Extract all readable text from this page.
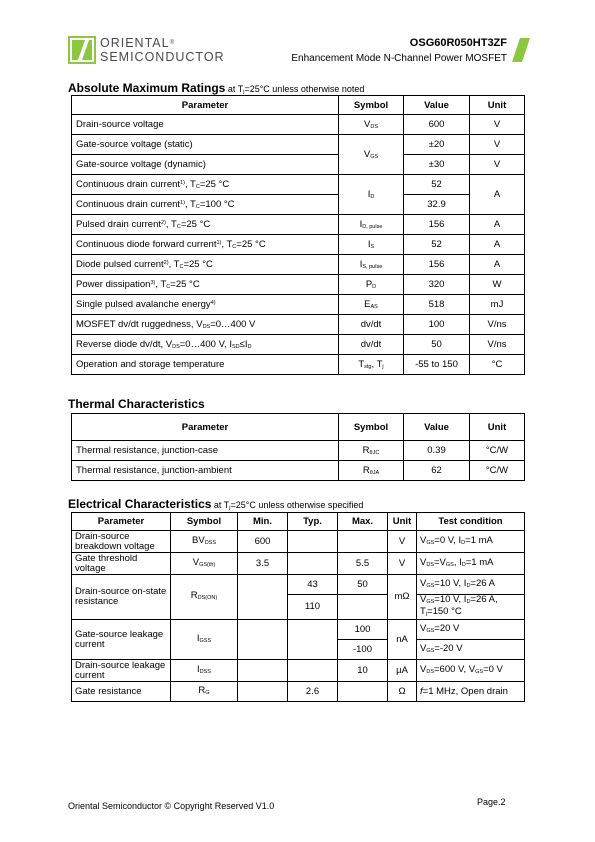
ORIENTAL®
SEMICONDUCTOR
OSG60R050HT3ZF
Enhancement Mode N-Channel Power MOSFET
Absolute Maximum Ratings at $T_j=25^\circ C$ unless otherwise noted
Parameter	Symbol	Value	Unit
Drain-source voltage	$V_{DS}$	600	V
Gate-source voltage (static)	$V_{GS}$	±20	V
Gate-source voltage (dynamic)		±30	V
Continuous drain current$^{1)}$, $T_C=25$ °C	$I_D$	52	A
Continuous drain current$^{1)}$, $T_C=100$ °C		32.9	
Pulsed drain current$^{2)}$, $T_C=25$ °C	$I_{D, pulse}$	156	A
Continuous diode forward current$^{1)}$, $T_C=25$ °C	$I_S$	52	A
Diode pulsed current$^{2)}$, $T_C=25$ °C	$I_{S, pulse}$	156	A
Power dissipation$^{3)}$, $T_C=25$ °C	$P_D$	320	W
Single pulsed avalanche energy$^{4)}$	$E_{AS}$	518	mJ
MOSFET dv/dt ruggedness, $V_{DS}=0\dots 400$ V	dv/dt	100	V/ns
Reverse diode dv/dt, $V_{DS}=0\dots 400$ V, $I_{SD}\le I_D$	dv/dt	50	V/ns
Operation and storage temperature	$T_{stg}$, $T_j$	-55 to 150	°C
Thermal Characteristics
Parameter	Symbol	Value	Unit
Thermal resistance, junction-case	$R_{\theta JC}$	0.39	°C/W
Thermal resistance, junction-ambient	$R_{\theta JA}$	62	°C/W
Electrical Characteristics at $T_j=25^\circ C$ unless otherwise specified
Parameter	Symbol	Min.	Typ.	Max.	Unit	Test condition
Drain-source breakdown voltage	$BV_{DSS}$	600			V	$V_{GS}=0$ V, $I_D=1$ mA
Gate threshold voltage	$V_{GS(th)}$	3.5		5.5	V	$V_{DS}=V_{GS}$, $I_D=1$ mA
Drain-source on-state resistance	$R_{DS(ON)}$		43	50	mΩ	$V_{GS}=10$ V, $I_D=26$ A
			110			$V_{GS}=10$ V, $I_D=26$ A,
$T_j=150$ °C
Gate-source leakage current	$I_{GSS}$			100	nA	$V_{GS}=20$ V
				-100		$V_{GS}=-20$ V
Drain-source leakage current	$I_{DSS}$			10	µA	$V_{DS}=600$ V, $V_{GS}=0$ V
Gate resistance	$R_G$		2.6		Ω	f=1 MHz, Open drain
Oriental Semiconductor © Copyright Reserved V1.0	Page.2
